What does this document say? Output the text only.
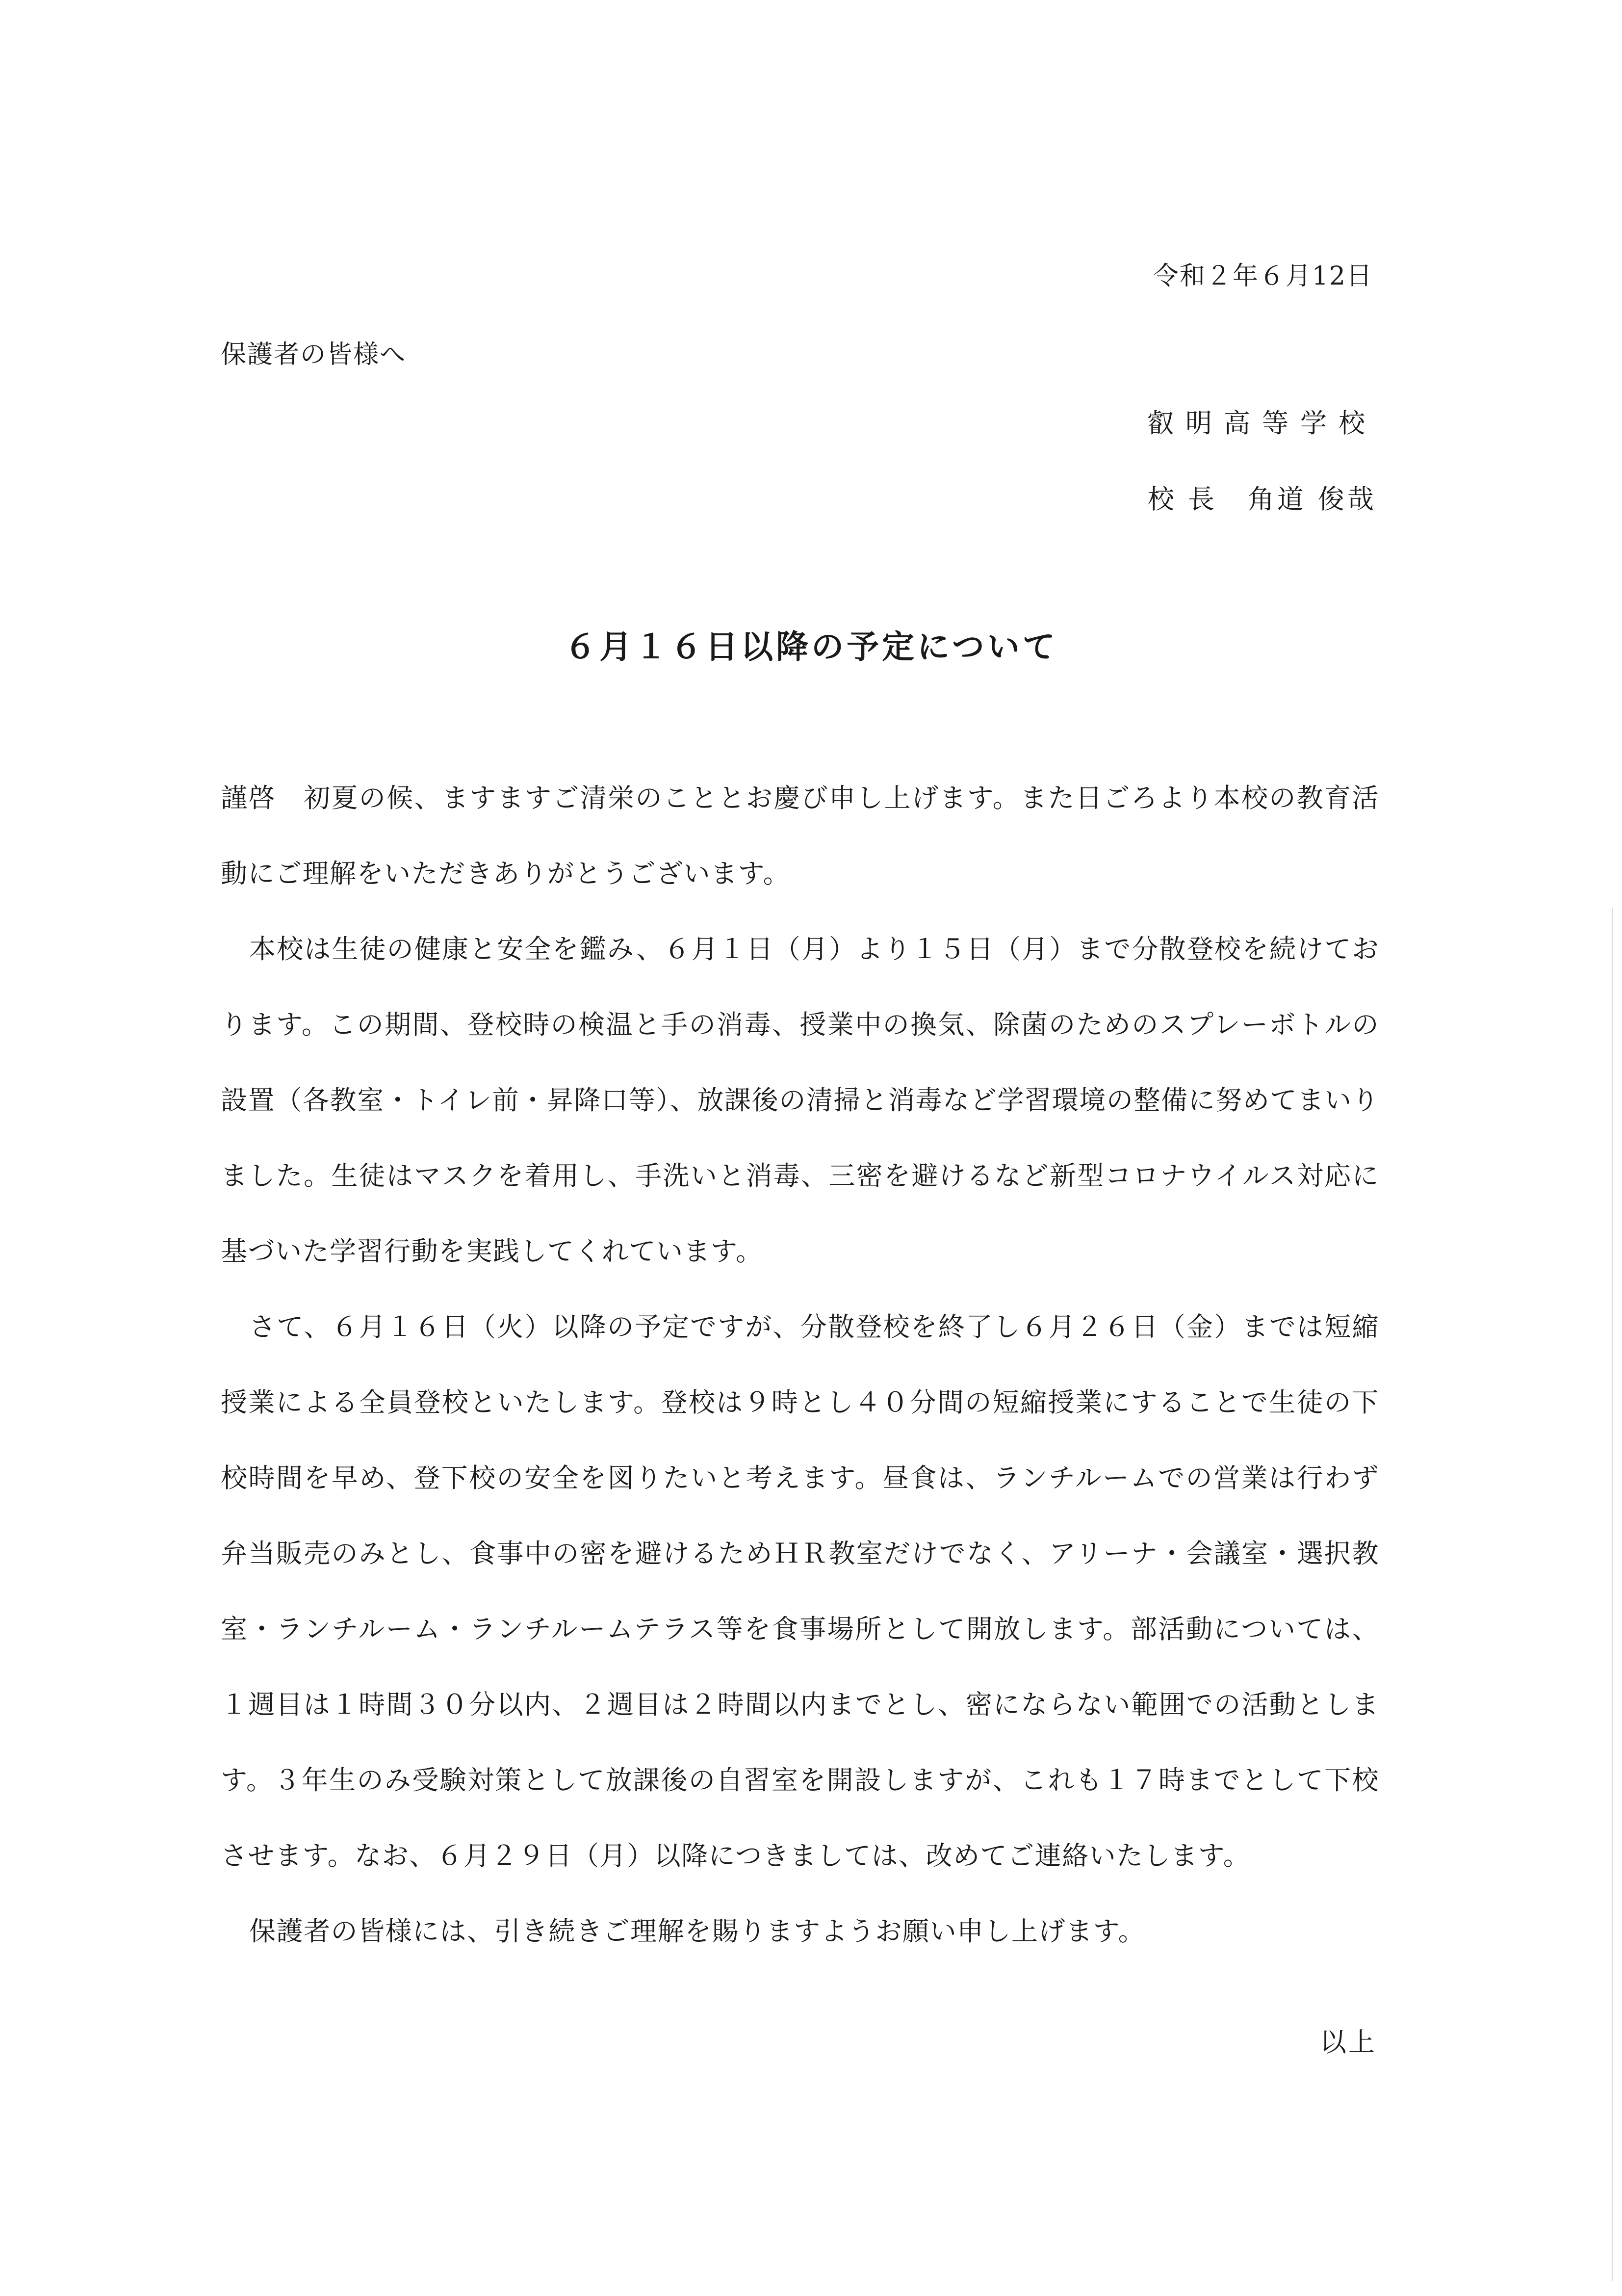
令和２年６月12日
保護者の皆様へ
叡明高等学校
校長 角道 俊哉
６月１６日以降の予定について

謹啓　初夏の候、ますますご清栄のこととお慶び申し上げます。また日ごろより本校の教育活動にご理解をいただきありがとうございます。

本校は生徒の健康と安全を鑑み、６月１日（月）より１５日（月）まで分散登校を続けております。この期間、登校時の検温と手の消毒、授業中の換気、除菌のためのスプレーボトルの設置（各教室・トイレ前・昇降口等）、放課後の清掃と消毒など学習環境の整備に努めてまいりました。生徒はマスクを着用し、手洗いと消毒、三密を避けるなど新型コロナウイルス対応に基づいた学習行動を実践してくれています。

さて、６月１６日（火）以降の予定ですが、分散登校を終了し６月２６日（金）までは短縮授業による全員登校といたします。登校は９時とし４０分間の短縮授業にすることで生徒の下校時間を早め、登下校の安全を図りたいと考えます。昼食は、ランチルームでの営業は行わず弁当販売のみとし、食事中の密を避けるためＨＲ教室だけでなく、アリーナ・会議室・選択教室・ランチルーム・ランチルームテラス等を食事場所として開放します。部活動については、１週目は１時間３０分以内、２週目は２時間以内までとし、密にならない範囲での活動とします。３年生のみ受験対策として放課後の自習室を開設しますが、これも１７時までとして下校させます。なお、６月２９日（月）以降につきましては、改めてご連絡いたします。

保護者の皆様には、引き続きご理解を賜りますようお願い申し上げます。

以上
